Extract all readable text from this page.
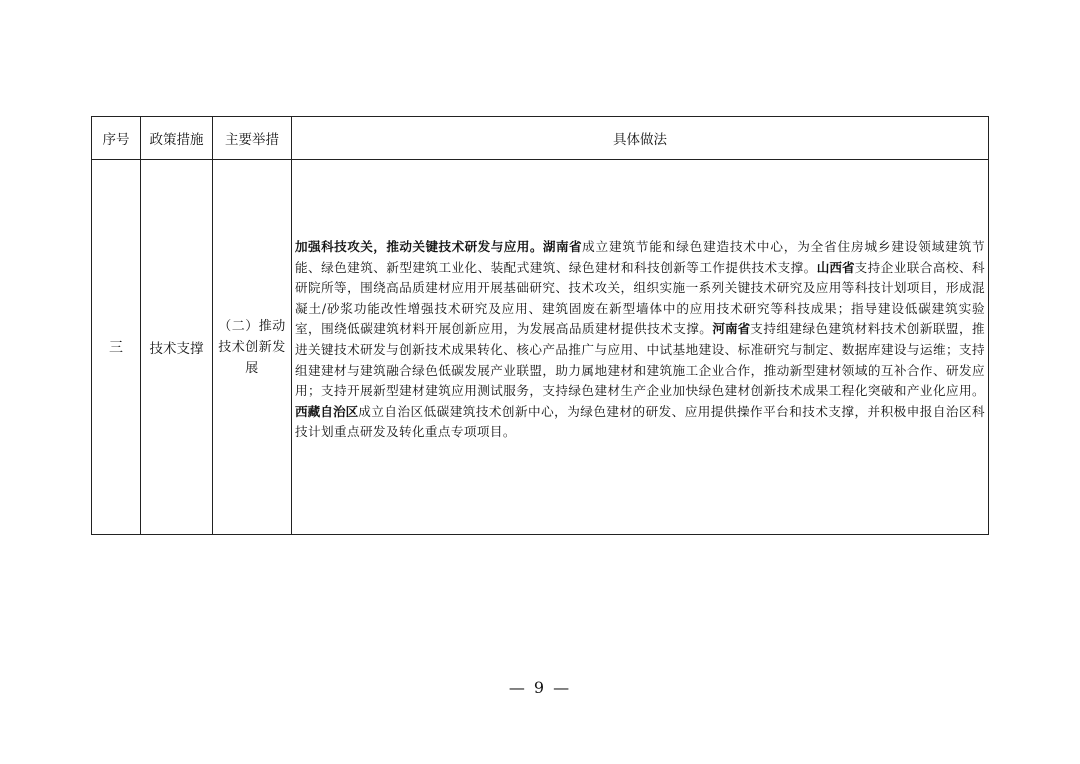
序号	政策措施	主要举措	具体做法
三	技术支撑	（二）推动技术创新发展	加强科技攻关，推动关键技术研发与应用。湖南省成立建筑节能和绿色建造技术中心，为全省住房城乡建设领域建筑节能、绿色建筑、新型建筑工业化、装配式建筑、绿色建材和科技创新等工作提供技术支撑。山西省支持企业联合高校、科研院所等，围绕高品质建材应用开展基础研究、技术攻关，组织实施一系列关键技术研究及应用等科技计划项目，形成混凝土/砂浆功能改性增强技术研究及应用、建筑固废在新型墙体中的应用技术研究等科技成果；指导建设低碳建筑实验室，围绕低碳建筑材料开展创新应用，为发展高品质建材提供技术支撑。河南省支持组建绿色建筑材料技术创新联盟，推进关键技术研发与创新技术成果转化、核心产品推广与应用、中试基地建设、标准研究与制定、数据库建设与运维；支持组建建材与建筑融合绿色低碳发展产业联盟，助力属地建材和建筑施工企业合作，推动新型建材领域的互补合作、研发应用；支持开展新型建材建筑应用测试服务，支持绿色建材生产企业加快绿色建材创新技术成果工程化突破和产业化应用。西藏自治区成立自治区低碳建筑技术创新中心，为绿色建材的研发、应用提供操作平台和技术支撑，并积极申报自治区科技计划重点研发及转化重点专项项目。
— 9 —
